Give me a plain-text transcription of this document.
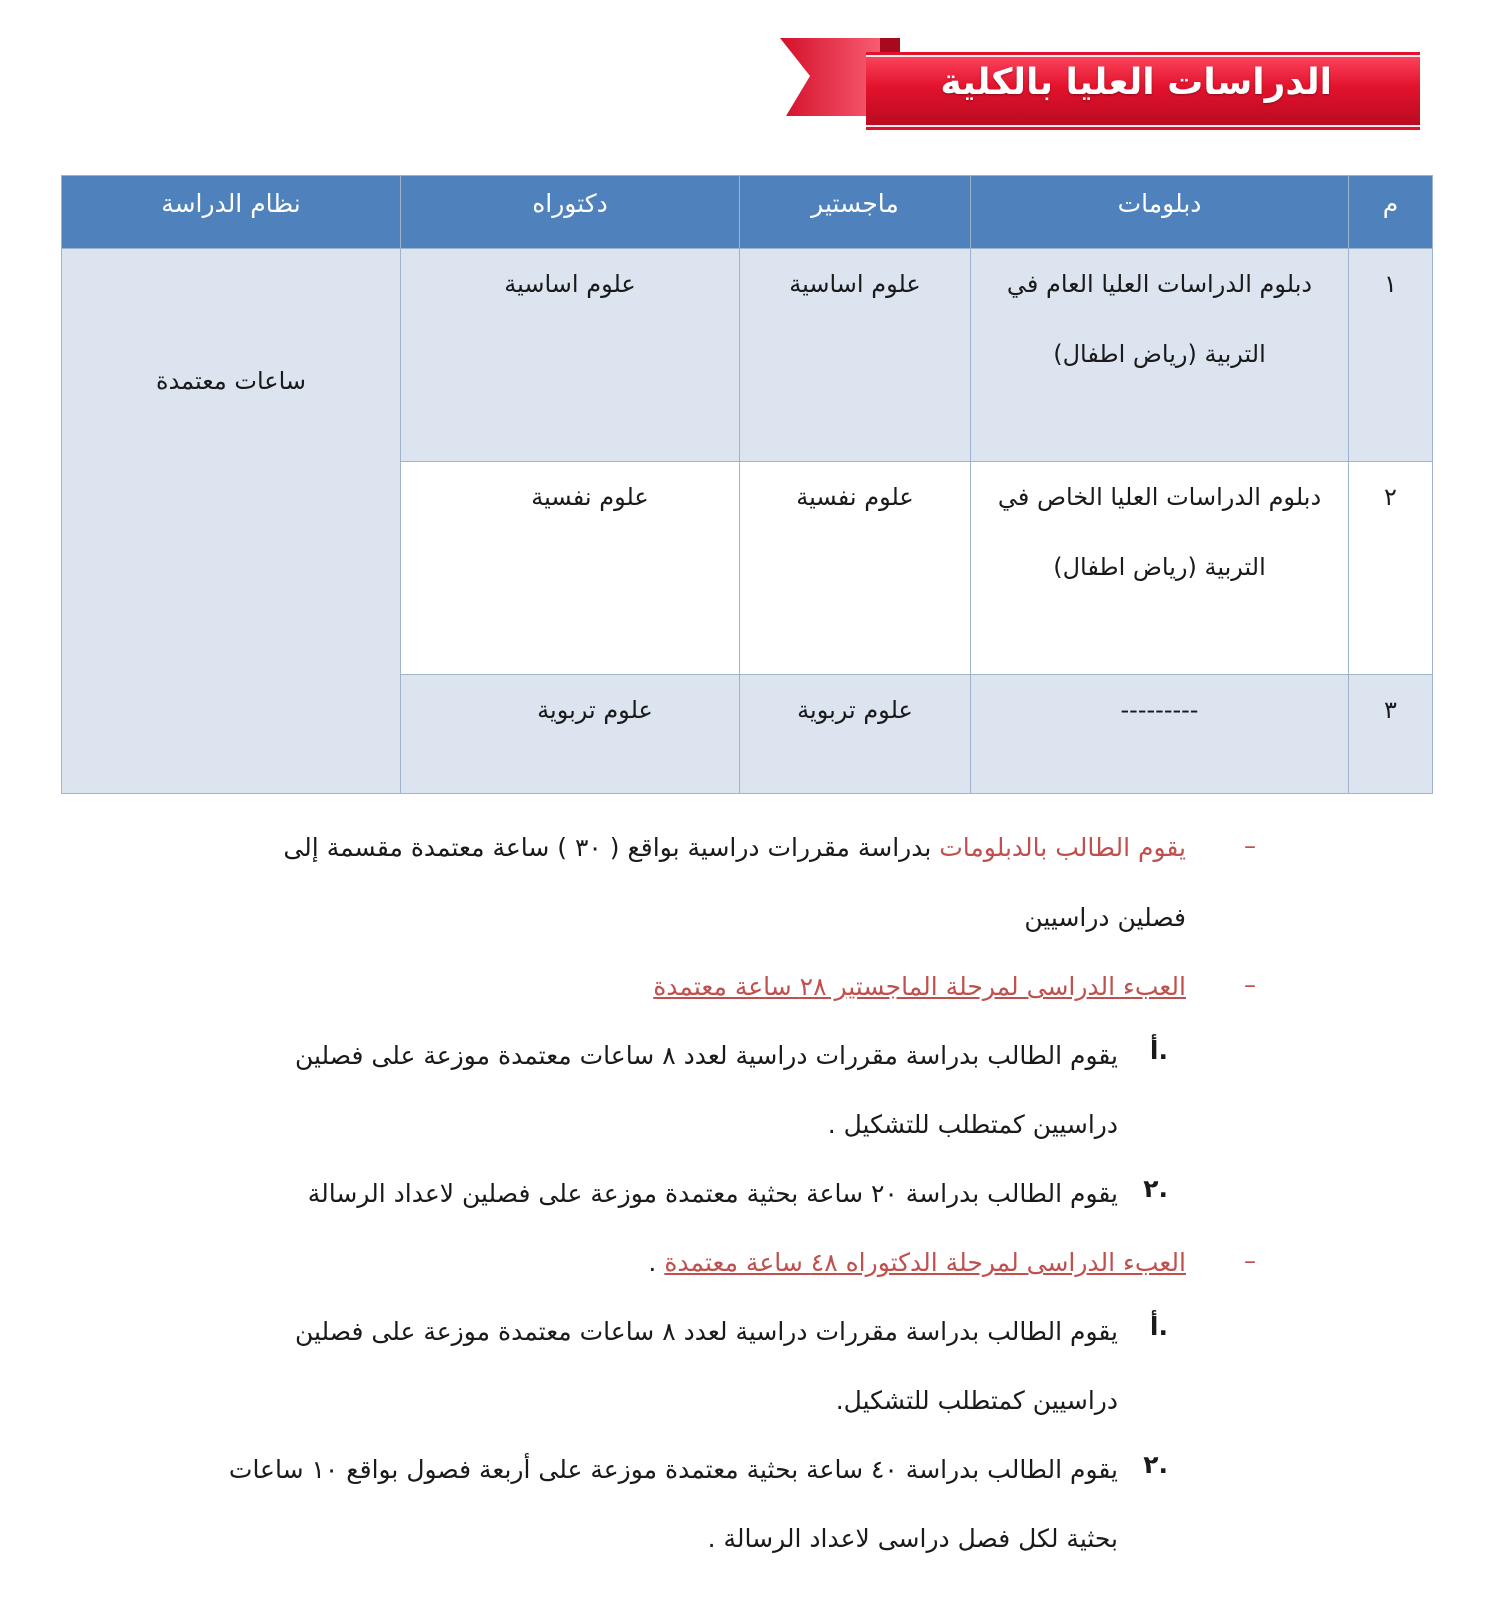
الدراسات العليا بالكلية
م	دبلومات	ماجستير	دكتوراه	نظام الدراسة
١	دبلوم الدراسات العليا العام في
التربية (رياض اطفال)	علوم اساسية	علوم اساسية	ساعات معتمدة

٢	دبلوم الدراسات العليا الخاص في
التربية (رياض اطفال)	علوم نفسية	علوم نفسية	
٣	---------	علوم تربوية	علوم تربوية	
–
يقوم الطالب بالدبلومات بدراسة مقررات دراسية بواقع ( ٣٠ ) ساعة معتمدة مقسمة إلى
فصلين دراسيين
–
العبء الدراسى لمرحلة الماجستير ٢٨ ساعة معتمدة
.أ
يقوم الطالب بدراسة مقررات دراسية لعدد ٨ ساعات معتمدة موزعة على فصلين
دراسيين كمتطلب للتشكيل .
.٢
يقوم الطالب بدراسة ٢٠ ساعة بحثية معتمدة موزعة على فصلين لاعداد الرسالة
–
العبء الدراسى لمرحلة الدكتوراه ٤٨ ساعة معتمدة .
.أ
يقوم الطالب بدراسة مقررات دراسية لعدد ٨ ساعات معتمدة موزعة على فصلين
دراسيين كمتطلب للتشكيل.
.٢
يقوم الطالب بدراسة ٤٠ ساعة بحثية معتمدة موزعة على أربعة فصول بواقع ١٠ ساعات
بحثية لكل فصل دراسى لاعداد الرسالة .
